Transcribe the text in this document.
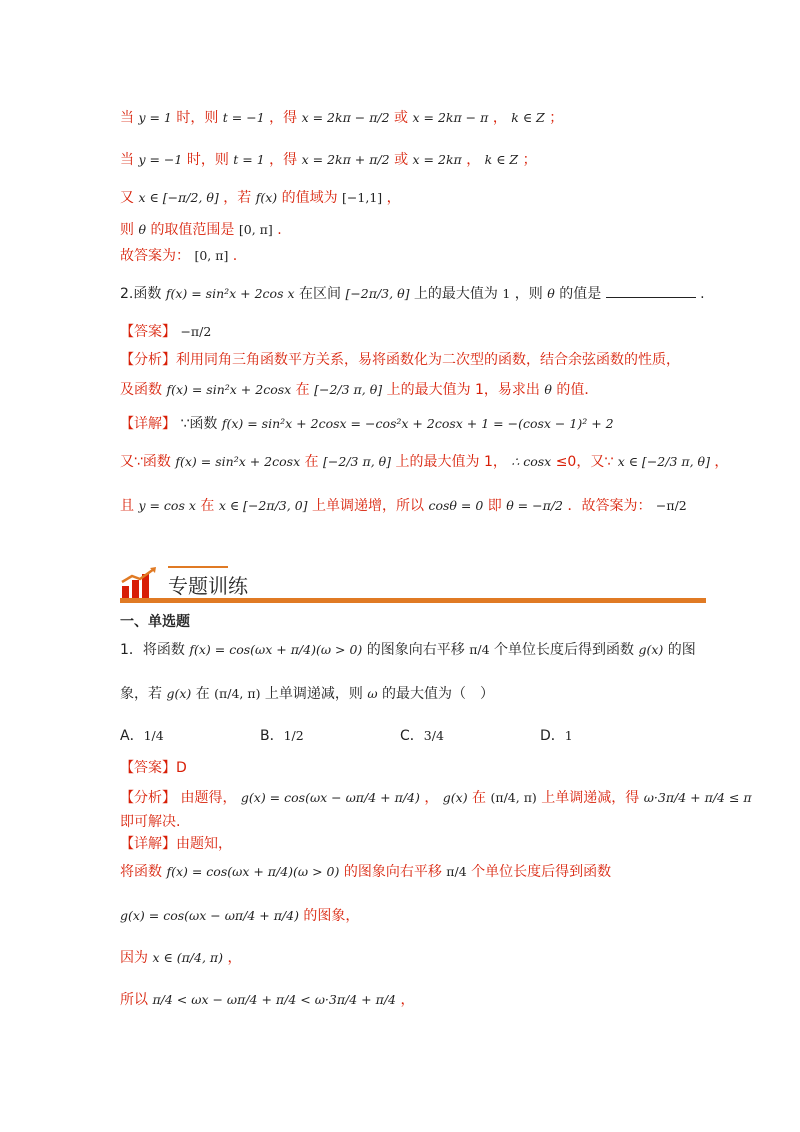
当 y = 1 时，则 t = −1 ，得 x = 2kπ − π/2 或 x = 2kπ − π ， k ∈ Z ；
当 y = −1 时，则 t = 1 ，得 x = 2kπ + π/2 或 x = 2kπ ， k ∈ Z ；
又 x ∈ [−π/2, θ] ，若 f(x) 的值域为 [−1,1] ，
则 θ 的取值范围是 [0, π] .
故答案为： [0, π] .
2.函数 f(x) = sin²x + 2cos x 在区间 [−2π/3, θ] 上的最大值为 1 ，则 θ 的值是	.
【答案】 −π/2
【分析】利用同角三角函数平方关系，易将函数化为二次型的函数，结合余弦函数的性质，
及函数 f(x) = sin²x + 2cosx 在 [−2/3 π, θ] 上的最大值为 1，易求出 θ 的值．
【详解】 ∵函数 f(x) = sin²x + 2cosx = −cos²x + 2cosx + 1 = −(cosx − 1)² + 2
又∵函数 f(x) = sin²x + 2cosx 在 [−2/3 π, θ] 上的最大值为 1， ∴ cosx ≤0，又∵ x ∈ [−2/3 π, θ] ，
且 y = cos x 在 x ∈ [−2π/3, 0] 上单调递增，所以 cosθ = 0 即 θ = −π/2 ．故答案为： −π/2
专题训练
一、单选题
1．将函数 f(x) = cos(ωx + π/4)(ω > 0) 的图象向右平移 π/4 个单位长度后得到函数 g(x) 的图
象，若 g(x) 在 (π/4, π) 上单调递减，则 ω 的最大值为（　）
A．1/4	B．1/2	C．3/4	D．1
【答案】D
【分析】 由题得， g(x) = cos(ωx − ωπ/4 + π/4) ， g(x) 在 (π/4, π) 上单调递减，得 ω·3π/4 + π/4 ≤ π
即可解决.
【详解】由题知，
将函数 f(x) = cos(ωx + π/4)(ω > 0) 的图象向右平移 π/4 个单位长度后得到函数
g(x) = cos(ωx − ωπ/4 + π/4) 的图象，
因为 x ∈ (π/4, π) ，
所以 π/4 < ωx − ωπ/4 + π/4 < ω·3π/4 + π/4 ，
